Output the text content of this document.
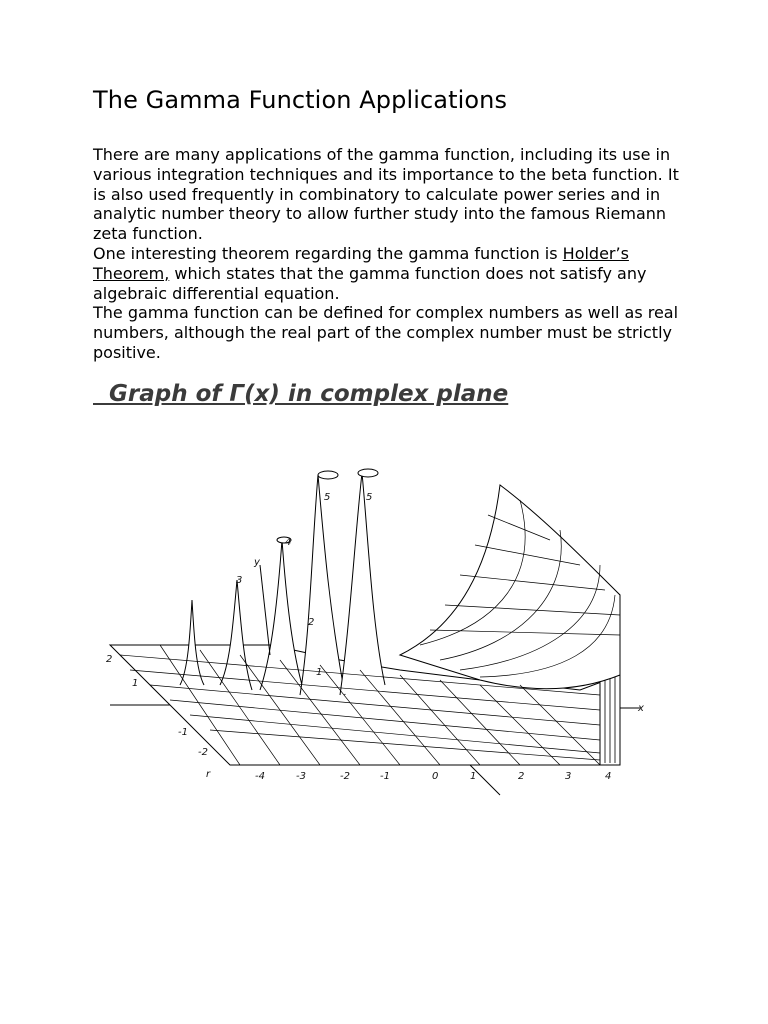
The Gamma Function Applications

There are many applications of the gamma function, including its use in various integration techniques and its importance to the beta function. It is also used frequently in combinatory to calculate power series and in analytic number theory to allow further study into the famous Riemann zeta function.

One interesting theorem regarding the gamma function is Hοlder’s Theorem, which states that the gamma function does not satisfy any algebraic differential equation.

The gamma function can be defined for complex numbers as well as real numbers, although the real part of the complex number must be strictly positive.

Graph of Γ(x) in complex plane
-4	-3	-2	-1	0	1	2	3	4
2
1
-1
-2
x
y
r
3
4
5	5
2
1
